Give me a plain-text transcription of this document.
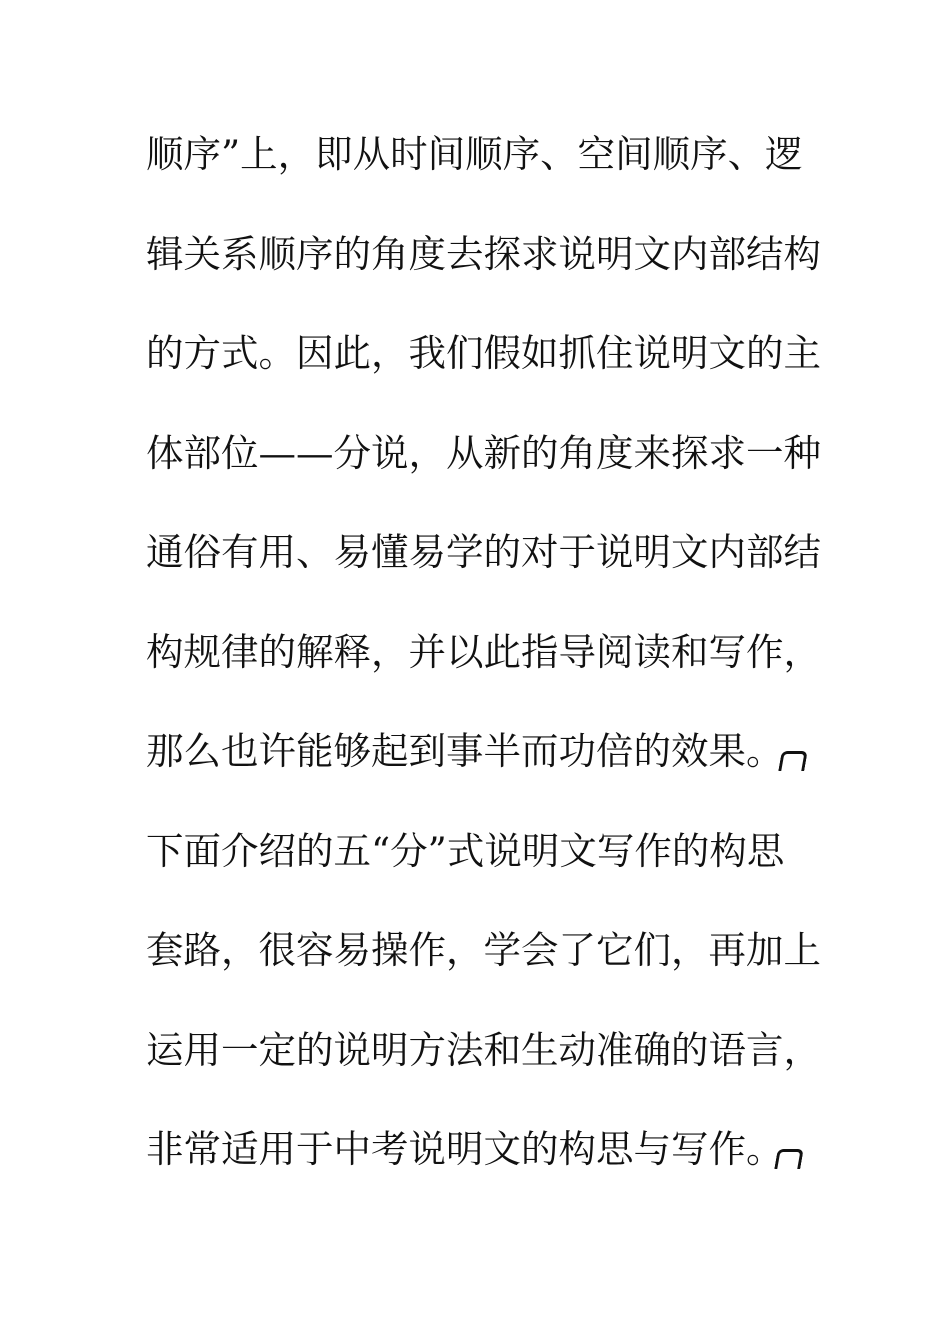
顺序”上，即从时间顺序、空间顺序、逻
辑关系顺序的角度去探求说明文内部结构
的方式。因此，我们假如抓住说明文的主
体部位——分说，从新的角度来探求一种
通俗有用、易懂易学的对于说明文内部结
构规律的解释，并以此指导阅读和写作，
那么也许能够起到事半而功倍的效果。
下面介绍的五“分”式说明文写作的构思
套路，很容易操作，学会了它们，再加上
运用一定的说明方法和生动准确的语言，
非常适用于中考说明文的构思与写作。
